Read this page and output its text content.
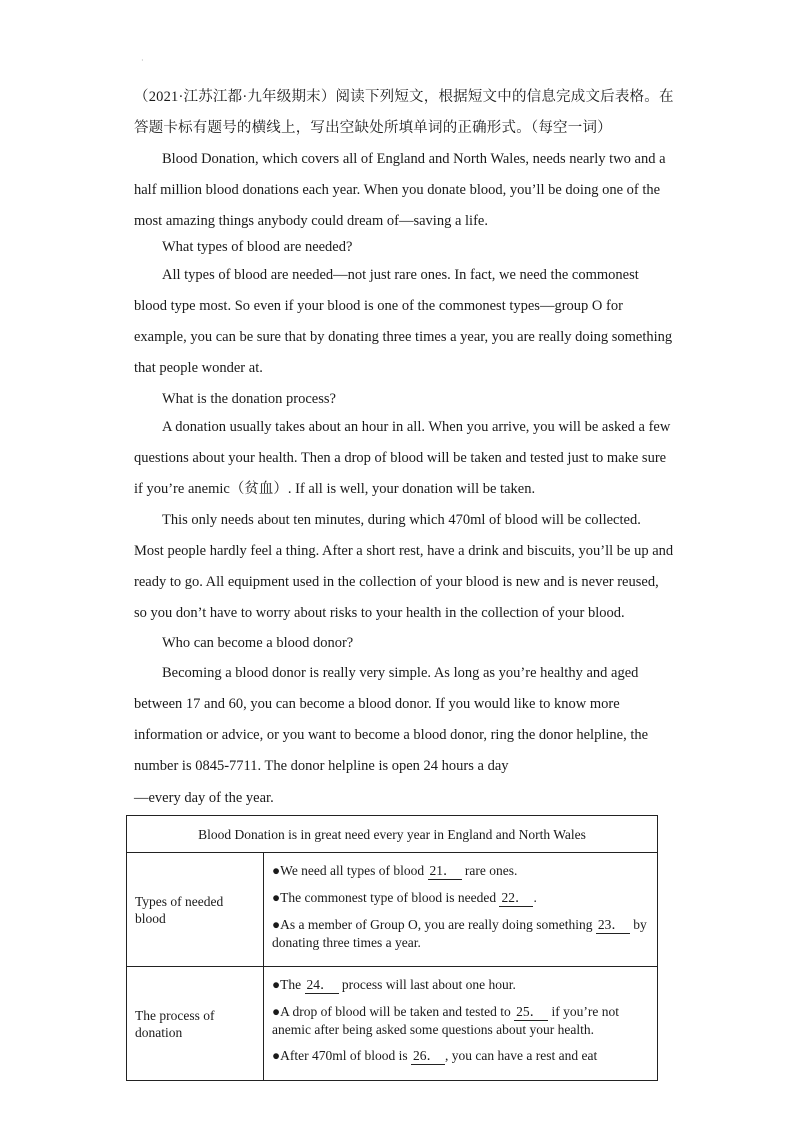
·
（2021·江苏江都·九年级期末）阅读下列短文，根据短文中的信息完成文后表格。在答题卡标有题号的横线上，写出空缺处所填单词的正确形式。（每空一词）

Blood Donation, which covers all of England and North Wales, needs nearly two and a half million blood donations each year. When you donate blood, you’ll be doing one of the most amazing things anybody could dream of—saving a life.

What types of blood are needed?

All types of blood are needed—not just rare ones. In fact, we need the commonest blood type most. So even if your blood is one of the commonest types—group O for example, you can be sure that by donating three times a year, you are really doing something that people wonder at.

What is the donation process?

A donation usually takes about an hour in all. When you arrive, you will be asked a few questions about your health. Then a drop of blood will be taken and tested just to make sure if you’re anemic（贫血）. If all is well, your donation will be taken.

This only needs about ten minutes, during which 470ml of blood will be collected. Most people hardly feel a thing. After a short rest, have a drink and biscuits, you’ll be up and ready to go. All equipment used in the collection of your blood is new and is never reused, so you don’t have to worry about risks to your health in the collection of your blood.

Who can become a blood donor?

Becoming a blood donor is really very simple. As long as you’re healthy and aged between 17 and 60, you can become a blood donor. If you would like to know more information or advice, or you want to become a blood donor, ring the donor helpline, the number is 0845-7711. The donor helpline is open 24 hours a day

—every day of the year.

Blood Donation is in great need every year in England and North Wales	
Types of needed blood	●We need all types of blood 21． rare ones.
●The commonest type of blood is needed 22． .
●As a member of Group O, you are really doing something 23． by donating three times a year.

The process of donation	●The 24． process will last about one hour.
●A drop of blood will be taken and tested to 25． if you’re not anemic after being asked some questions about your health.
●After 470ml of blood is 26． , you can have a rest and eat
